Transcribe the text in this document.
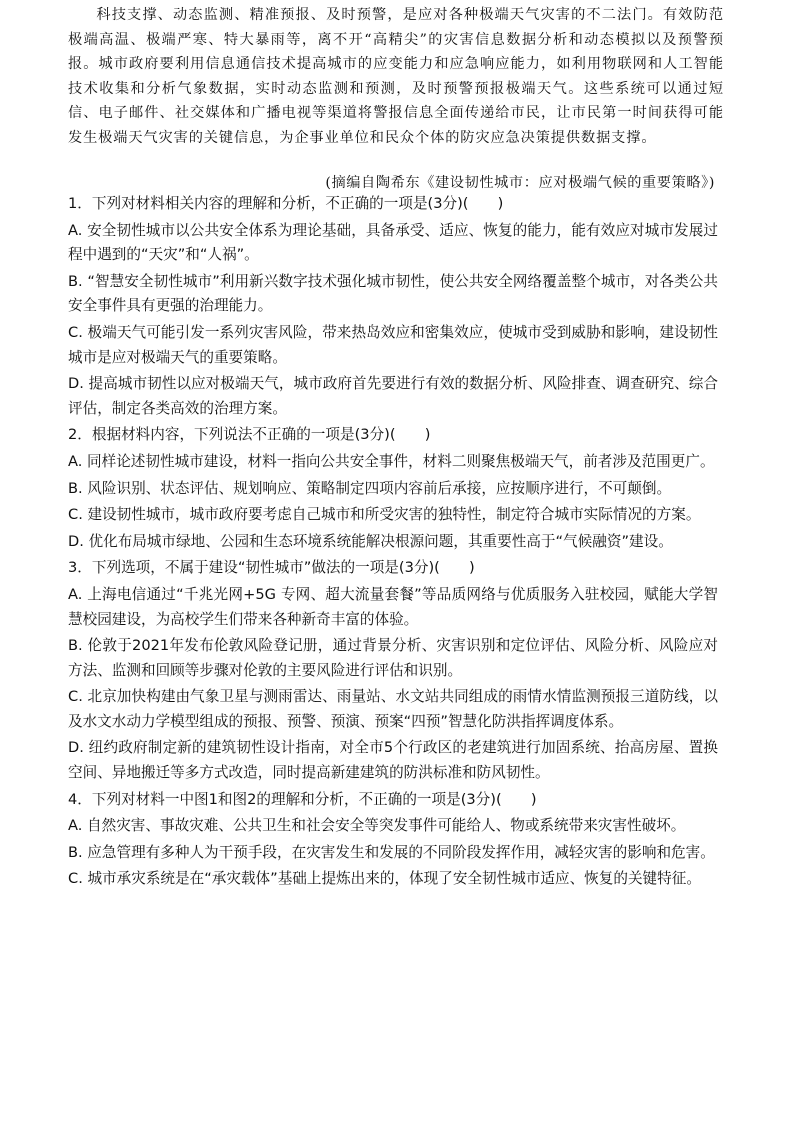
科技支撑、动态监测、精准预报、及时预警，是应对各种极端天气灾害的不二法门。有效防范极端高温、极端严寒、特大暴雨等，离不开“高精尖”的灾害信息数据分析和动态模拟以及预警预报。城市政府要利用信息通信技术提高城市的应变能力和应急响应能力，如利用物联网和人工智能技术收集和分析气象数据，实时动态监测和预测，及时预警预报极端天气。这些系统可以通过短信、电子邮件、社交媒体和广播电视等渠道将警报信息全面传递给市民，让市民第一时间获得可能发生极端天气灾害的关键信息，为企事业单位和民众个体的防灾应急决策提供数据支撑。

(摘编自陶希东《建设韧性城市：应对极端气候的重要策略》)

1．下列对材料相关内容的理解和分析，不正确的一项是(3分)(　　)

A. 安全韧性城市以公共安全体系为理论基础，具备承受、适应、恢复的能力，能有效应对城市发展过程中遇到的“天灾”和“人祸”。

B. “智慧安全韧性城市”利用新兴数字技术强化城市韧性，使公共安全网络覆盖整个城市，对各类公共安全事件具有更强的治理能力。

C. 极端天气可能引发一系列灾害风险，带来热岛效应和密集效应，使城市受到威胁和影响，建设韧性城市是应对极端天气的重要策略。

D. 提高城市韧性以应对极端天气，城市政府首先要进行有效的数据分析、风险排查、调查研究、综合评估，制定各类高效的治理方案。

2．根据材料内容，下列说法不正确的一项是(3分)(　　)

A. 同样论述韧性城市建设，材料一指向公共安全事件，材料二则聚焦极端天气，前者涉及范围更广。

B. 风险识别、状态评估、规划响应、策略制定四项内容前后承接，应按顺序进行，不可颠倒。

C. 建设韧性城市，城市政府要考虑自己城市和所受灾害的独特性，制定符合城市实际情况的方案。

D. 优化布局城市绿地、公园和生态环境系统能解决根源问题，其重要性高于“气候融资”建设。

3．下列选项，不属于建设“韧性城市”做法的一项是(3分)(　　)

A. 上海电信通过“千兆光网+5G 专网、超大流量套餐”等品质网络与优质服务入驻校园，赋能大学智慧校园建设，为高校学生们带来各种新奇丰富的体验。

B. 伦敦于2021年发布伦敦风险登记册，通过背景分析、灾害识别和定位评估、风险分析、风险应对方法、监测和回顾等步骤对伦敦的主要风险进行评估和识别。

C. 北京加快构建由气象卫星与测雨雷达、雨量站、水文站共同组成的雨情水情监测预报三道防线，以及水文水动力学模型组成的预报、预警、预演、预案“四预”智慧化防洪指挥调度体系。

D. 纽约政府制定新的建筑韧性设计指南，对全市5个行政区的老建筑进行加固系统、抬高房屋、置换空间、异地搬迁等多方式改造，同时提高新建建筑的防洪标准和防风韧性。

4．下列对材料一中图1和图2的理解和分析，不正确的一项是(3分)(　　)

A. 自然灾害、事故灾难、公共卫生和社会安全等突发事件可能给人、物或系统带来灾害性破坏。

B. 应急管理有多种人为干预手段，在灾害发生和发展的不同阶段发挥作用，减轻灾害的影响和危害。

C. 城市承灾系统是在“承灾载体”基础上提炼出来的，体现了安全韧性城市适应、恢复的关键特征。
